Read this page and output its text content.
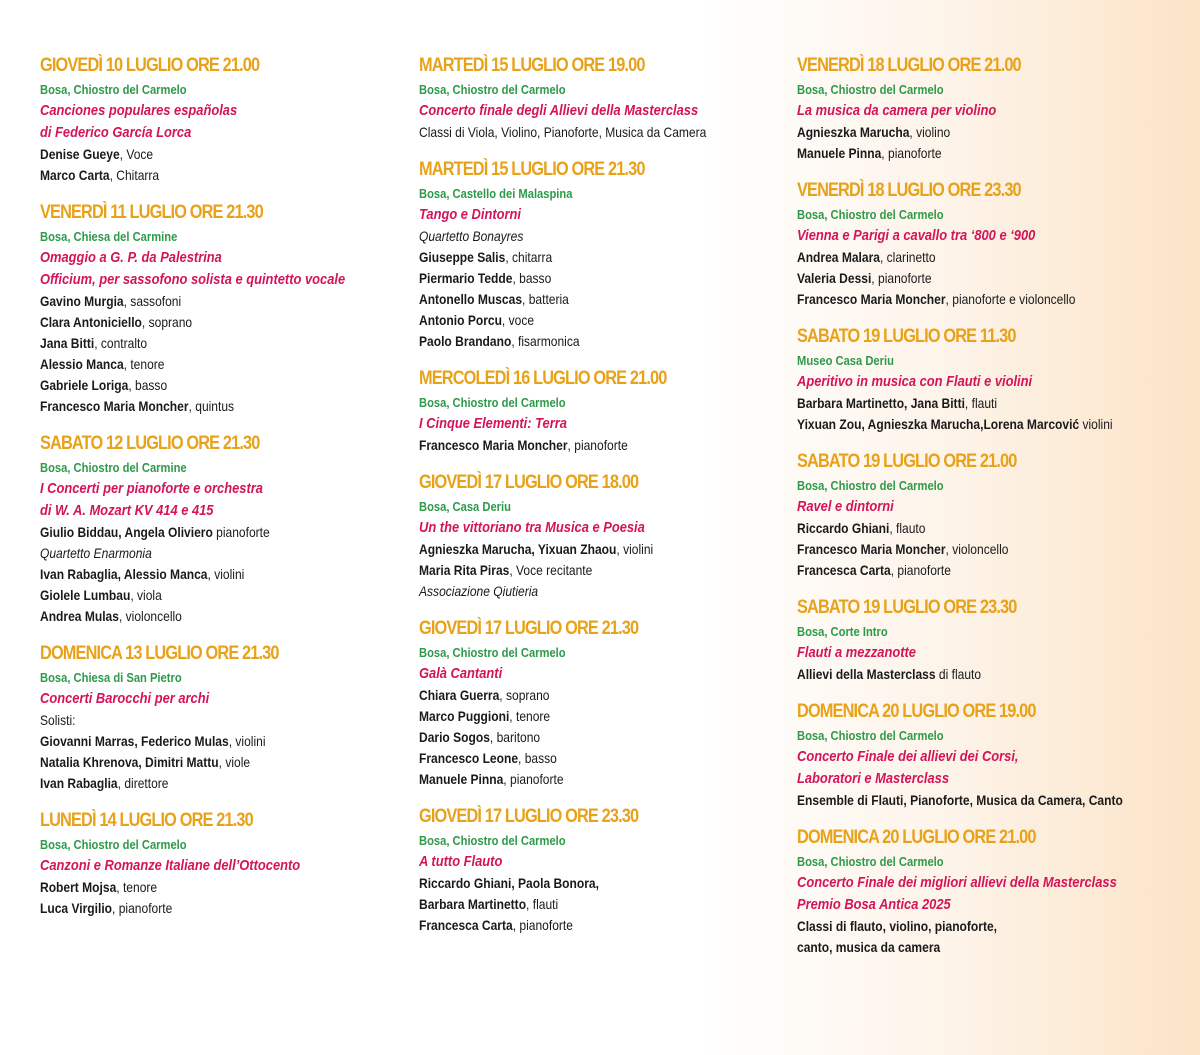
GIOVEDÌ 10 LUGLIO ORE 21.00
Bosa, Chiostro del Carmelo
Canciones populares españolas
di Federico García Lorca
Denise Gueye, Voce
Marco Carta, Chitarra
VENERDÌ 11 LUGLIO ORE 21.30
Bosa, Chiesa del Carmine
Omaggio a G. P. da Palestrina
Officium, per sassofono solista e quintetto vocale
Gavino Murgia, sassofoni
Clara Antoniciello, soprano
Jana Bitti, contralto
Alessio Manca, tenore
Gabriele Loriga, basso
Francesco Maria Moncher, quintus
SABATO 12 LUGLIO ORE 21.30
Bosa, Chiostro del Carmine
I Concerti per pianoforte e orchestra
di W. A. Mozart KV 414 e 415
Giulio Biddau, Angela Oliviero pianoforte
Quartetto Enarmonia
Ivan Rabaglia, Alessio Manca, violini
Giolele Lumbau, viola
Andrea Mulas, violoncello
DOMENICA 13 LUGLIO ORE 21.30
Bosa, Chiesa di San Pietro
Concerti Barocchi per archi
Solisti:
Giovanni Marras, Federico Mulas, violini
Natalia Khrenova, Dimitri Mattu, viole
Ivan Rabaglia, direttore
LUNEDÌ 14 LUGLIO ORE 21.30
Bosa, Chiostro del Carmelo
Canzoni e Romanze Italiane dell’Ottocento
Robert Mojsa, tenore
Luca Virgilio, pianoforte
MARTEDÌ 15 LUGLIO ORE 19.00
Bosa, Chiostro del Carmelo
Concerto finale degli Allievi della Masterclass
Classi di Viola, Violino, Pianoforte, Musica da Camera
MARTEDÌ 15 LUGLIO ORE 21.30
Bosa, Castello dei Malaspina
Tango e Dintorni
Quartetto Bonayres
Giuseppe Salis, chitarra
Piermario Tedde, basso
Antonello Muscas, batteria
Antonio Porcu, voce
Paolo Brandano, fisarmonica
MERCOLEDÌ 16 LUGLIO ORE 21.00
Bosa, Chiostro del Carmelo
I Cinque Elementi: Terra
Francesco Maria Moncher, pianoforte
GIOVEDÌ 17 LUGLIO ORE 18.00
Bosa, Casa Deriu
Un the vittoriano tra Musica e Poesia
Agnieszka Marucha, Yixuan Zhaou, violini
Maria Rita Piras, Voce recitante
Associazione Qiutieria
GIOVEDÌ 17 LUGLIO ORE 21.30
Bosa, Chiostro del Carmelo
Galà Cantanti
Chiara Guerra, soprano
Marco Puggioni, tenore
Dario Sogos, baritono
Francesco Leone, basso
Manuele Pinna, pianoforte
GIOVEDÌ 17 LUGLIO ORE 23.30
Bosa, Chiostro del Carmelo
A tutto Flauto
Riccardo Ghiani, Paola Bonora,
Barbara Martinetto, flauti
Francesca Carta, pianoforte
VENERDÌ 18 LUGLIO ORE 21.00
Bosa, Chiostro del Carmelo
La musica da camera per violino
Agnieszka Marucha, violino
Manuele Pinna, pianoforte
VENERDÌ 18 LUGLIO ORE 23.30
Bosa, Chiostro del Carmelo
Vienna e Parigi a cavallo tra ‘800 e ‘900
Andrea Malara, clarinetto
Valeria Dessi, pianoforte
Francesco Maria Moncher, pianoforte e violoncello
SABATO 19 LUGLIO ORE 11.30
Museo Casa Deriu
Aperitivo in musica con Flauti e violini
Barbara Martinetto, Jana Bitti, flauti
Yixuan Zou, Agnieszka Marucha,Lorena Marcović violini
SABATO 19 LUGLIO ORE 21.00
Bosa, Chiostro del Carmelo
Ravel e dintorni
Riccardo Ghiani, flauto
Francesco Maria Moncher, violoncello
Francesca Carta, pianoforte
SABATO 19 LUGLIO ORE 23.30
Bosa, Corte Intro
Flauti a mezzanotte
Allievi della Masterclass di flauto
DOMENICA 20 LUGLIO ORE 19.00
Bosa, Chiostro del Carmelo
Concerto Finale dei allievi dei Corsi,
Laboratori e Masterclass
Ensemble di Flauti, Pianoforte, Musica da Camera, Canto
DOMENICA 20 LUGLIO ORE 21.00
Bosa, Chiostro del Carmelo
Concerto Finale dei migliori allievi della Masterclass
Premio Bosa Antica 2025
Classi di flauto, violino, pianoforte,
canto, musica da camera
